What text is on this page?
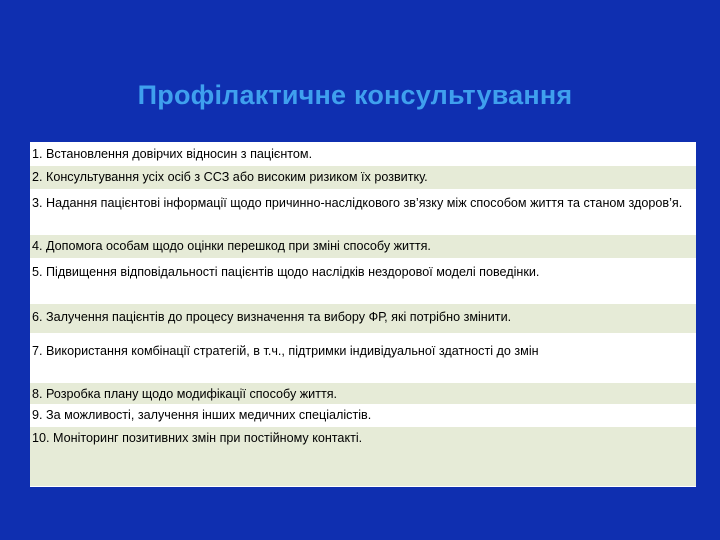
Профілактичне консультування
1. Встановлення довірчих відносин з пацієнтом.
2. Консультування усіх осіб з ССЗ або високим ризиком їх розвитку.
3. Надання пацієнтові інформації щодо причинно-наслідкового зв’язку між способом життя та станом здоров’я.
4. Допомога особам щодо оцінки перешкод при зміні способу життя.
5. Підвищення відповідальності пацієнтів щодо наслідків нездорової моделі поведінки.
6. Залучення пацієнтів до процесу визначення та вибору ФР, які потрібно змінити.
7. Використання комбінації стратегій, в т.ч., підтримки індивідуальної здатності до змін
8. Розробка плану щодо модифікації способу життя.
9. За можливості, залучення інших медичних спеціалістів.
10. Моніторинг позитивних змін при постійному контакті.
